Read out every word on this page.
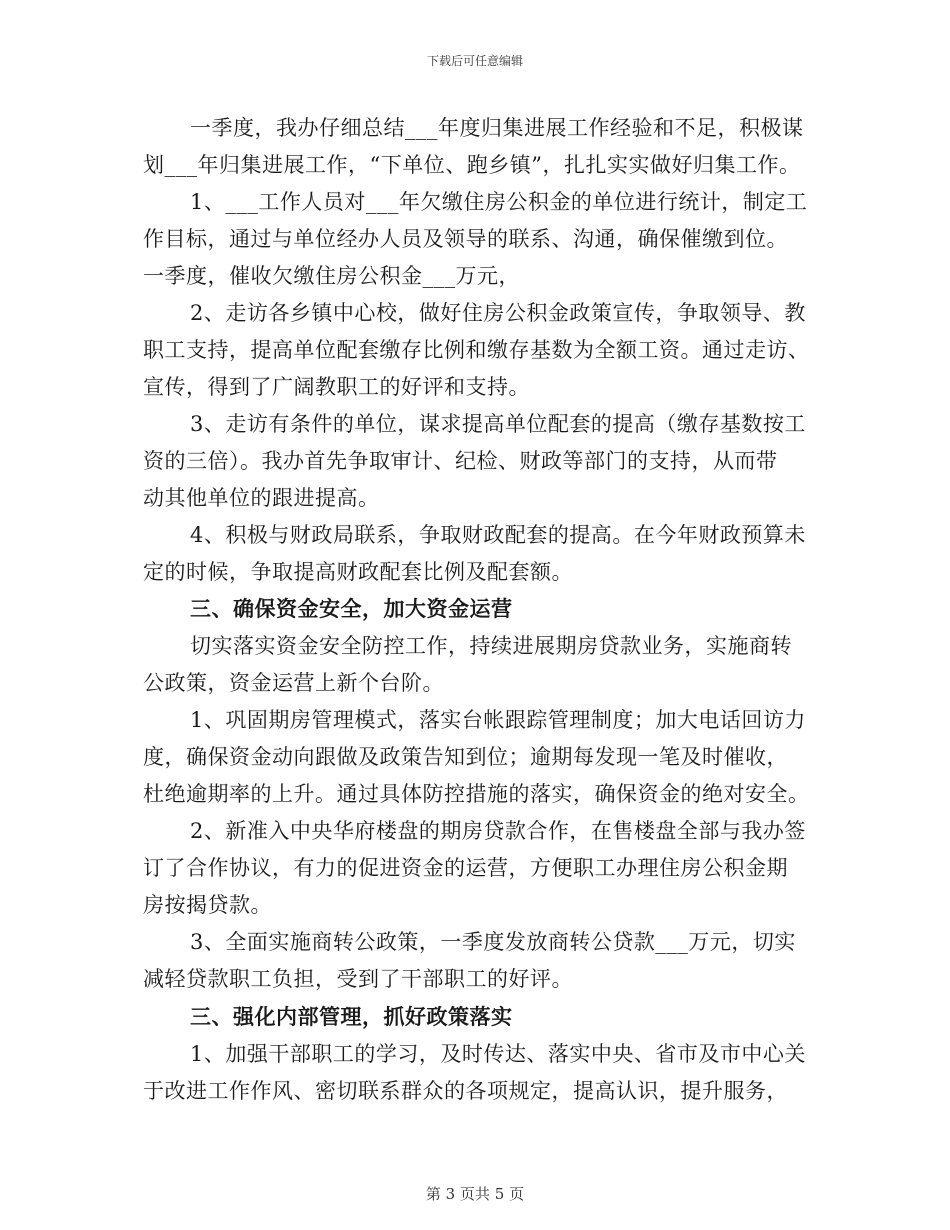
下载后可任意编辑
一季度，我办仔细总结___年度归集进展工作经验和不足，积极谋
划___年归集进展工作，“下单位、跑乡镇”，扎扎实实做好归集工作。
1、___工作人员对___年欠缴住房公积金的单位进行统计，制定工
作目标，通过与单位经办人员及领导的联系、沟通，确保催缴到位。
一季度，催收欠缴住房公积金___万元，
2、走访各乡镇中心校，做好住房公积金政策宣传，争取领导、教
职工支持，提高单位配套缴存比例和缴存基数为全额工资。通过走访、
宣传，得到了广阔教职工的好评和支持。
3、走访有条件的单位，谋求提高单位配套的提高（缴存基数按工
资的三倍）。我办首先争取审计、纪检、财政等部门的支持，从而带
动其他单位的跟进提高。
4、积极与财政局联系，争取财政配套的提高。在今年财政预算未
定的时候，争取提高财政配套比例及配套额。
三、确保资金安全，加大资金运营
切实落实资金安全防控工作，持续进展期房贷款业务，实施商转
公政策，资金运营上新个台阶。
1、巩固期房管理模式，落实台帐跟踪管理制度；加大电话回访力
度，确保资金动向跟做及政策告知到位；逾期每发现一笔及时催收，
杜绝逾期率的上升。通过具体防控措施的落实，确保资金的绝对安全。
2、新准入中央华府楼盘的期房贷款合作，在售楼盘全部与我办签
订了合作协议，有力的促进资金的运营，方便职工办理住房公积金期
房按揭贷款。
3、全面实施商转公政策，一季度发放商转公贷款___万元，切实
减轻贷款职工负担，受到了干部职工的好评。
三、强化内部管理，抓好政策落实
1、加强干部职工的学习，及时传达、落实中央、省市及市中心关
于改进工作作风、密切联系群众的各项规定，提高认识，提升服务，
第 3 页共 5 页
